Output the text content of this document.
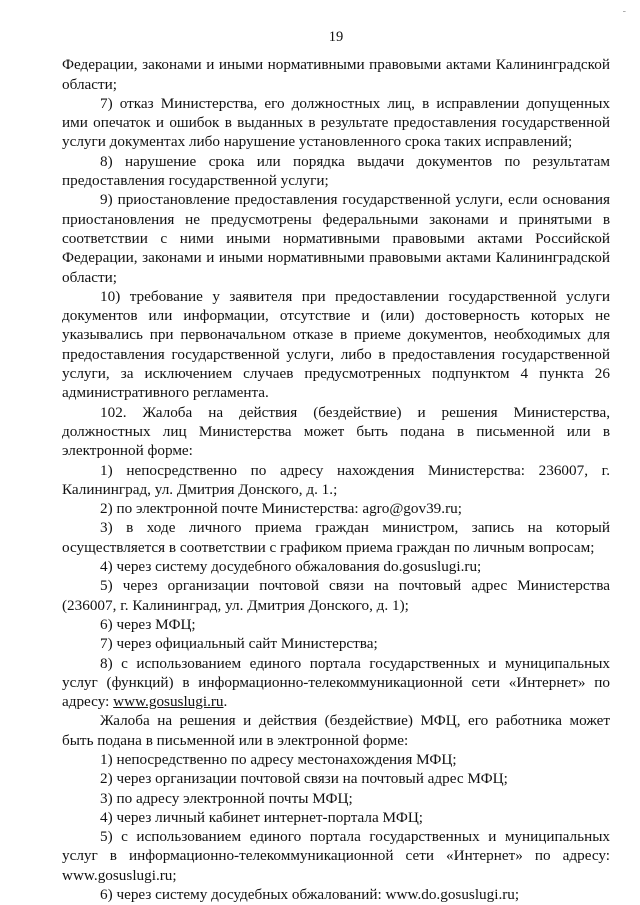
-
19

Федерации, законами и иными нормативными правовыми актами Калининградской области;

7) отказ Министерства, его должностных лиц, в исправлении допущенных ими опечаток и ошибок в выданных в результате предоставления государственной услуги документах либо нарушение установленного срока таких исправлений;

8) нарушение срока или порядка выдачи документов по результатам предоставления государственной услуги;

9) приостановление предоставления государственной услуги, если основания приостановления не предусмотрены федеральными законами и принятыми в соответствии с ними иными нормативными правовыми актами Российской Федерации, законами и иными нормативными правовыми актами Калининградской области;

10) требование у заявителя при предоставлении государственной услуги документов или информации, отсутствие и (или) достоверность которых не указывались при первоначальном отказе в приеме документов, необходимых для предоставления государственной услуги, либо в предоставления государственной услуги, за исключением случаев предусмотренных подпунктом 4 пункта 26 административного регламента.

102. Жалоба на действия (бездействие) и решения Министерства, должностных лиц Министерства может быть подана в письменной или в электронной форме:

1) непосредственно по адресу нахождения Министерства: 236007, г. Калининград, ул. Дмитрия Донского, д. 1.;

2) по электронной почте Министерства: agro@gov39.ru;

3) в ходе личного приема граждан министром, запись на который осуществляется в соответствии с графиком приема граждан по личным вопросам;

4) через систему досудебного обжалования do.gosuslugi.ru;

5) через организации почтовой связи на почтовый адрес Министерства (236007, г. Калининград, ул. Дмитрия Донского, д. 1);

6) через МФЦ;

7) через официальный сайт Министерства;

8) с использованием единого портала государственных и муниципальных услуг (функций) в информационно-телекоммуникационной сети «Интернет» по адресу: www.gosuslugi.ru.

Жалоба на решения и действия (бездействие) МФЦ, его работника может быть подана в письменной или в электронной форме:

1) непосредственно по адресу местонахождения МФЦ;

2) через организации почтовой связи на почтовый адрес МФЦ;

3) по адресу электронной почты МФЦ;

4) через личный кабинет интернет-портала МФЦ;

5) с использованием единого портала государственных и муниципальных услуг в информационно-телекоммуникационной сети «Интернет» по адресу: www.gosuslugi.ru;

6) через систему досудебных обжалований: www.do.gosuslugi.ru;
